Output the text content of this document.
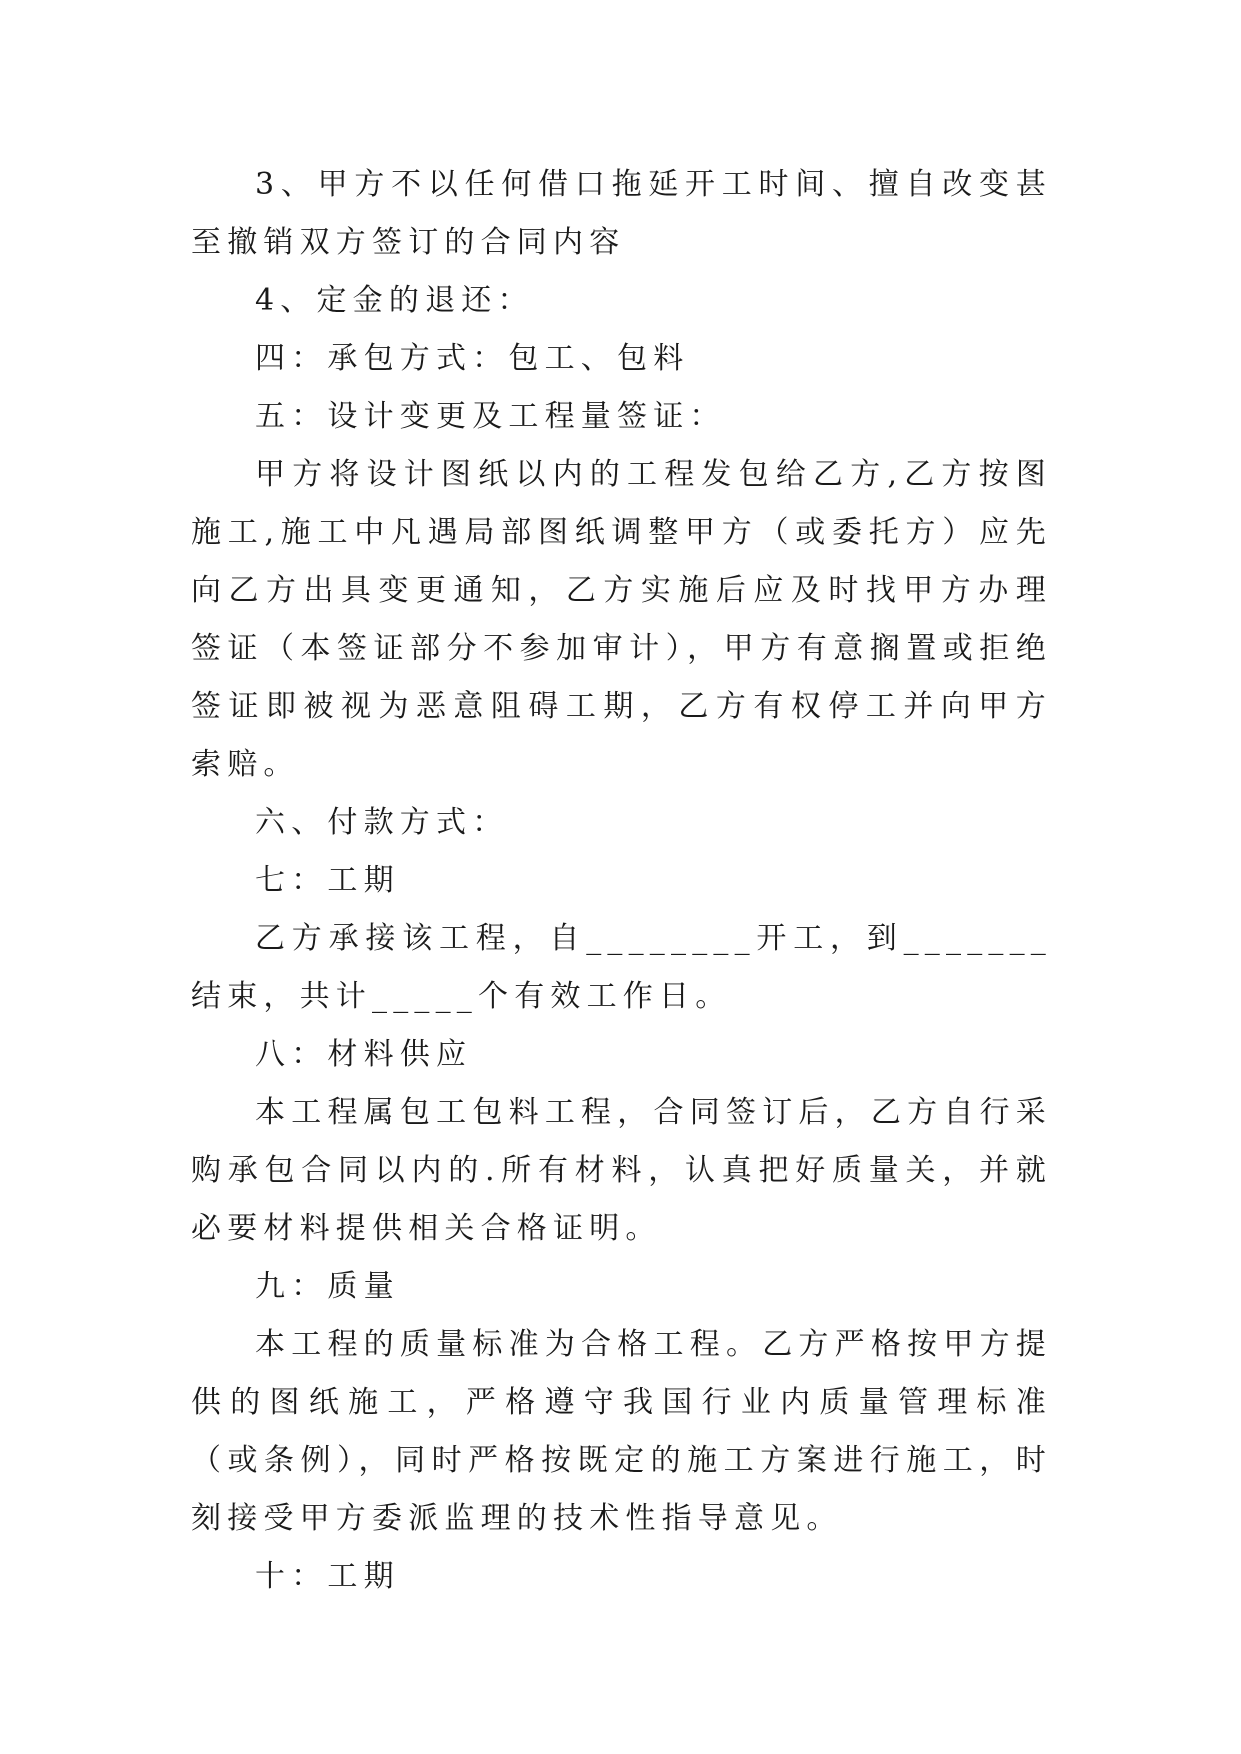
3、甲方不以任何借口拖延开工时间、擅自改变甚至撤销双方签订的合同内容

4、定金的退还：

四：承包方式：包工、包料

五：设计变更及工程量签证：

甲方将设计图纸以内的工程发包给乙方,乙方按图施工,施工中凡遇局部图纸调整甲方（或委托方）应先向乙方出具变更通知，乙方实施后应及时找甲方办理签证（本签证部分不参加审计），甲方有意搁置或拒绝签证即被视为恶意阻碍工期，乙方有权停工并向甲方索赔。

六、付款方式：

七：工期

乙方承接该工程，自________开工，到_______结束，共计_____个有效工作日。

八：材料供应

本工程属包工包料工程，合同签订后，乙方自行采购承包合同以内的.所有材料，认真把好质量关，并就必要材料提供相关合格证明。

九：质量

本工程的质量标准为合格工程。乙方严格按甲方提供的图纸施工，严格遵守我国行业内质量管理标准（或条例），同时严格按既定的施工方案进行施工，时刻接受甲方委派监理的技术性指导意见。

十：工期
